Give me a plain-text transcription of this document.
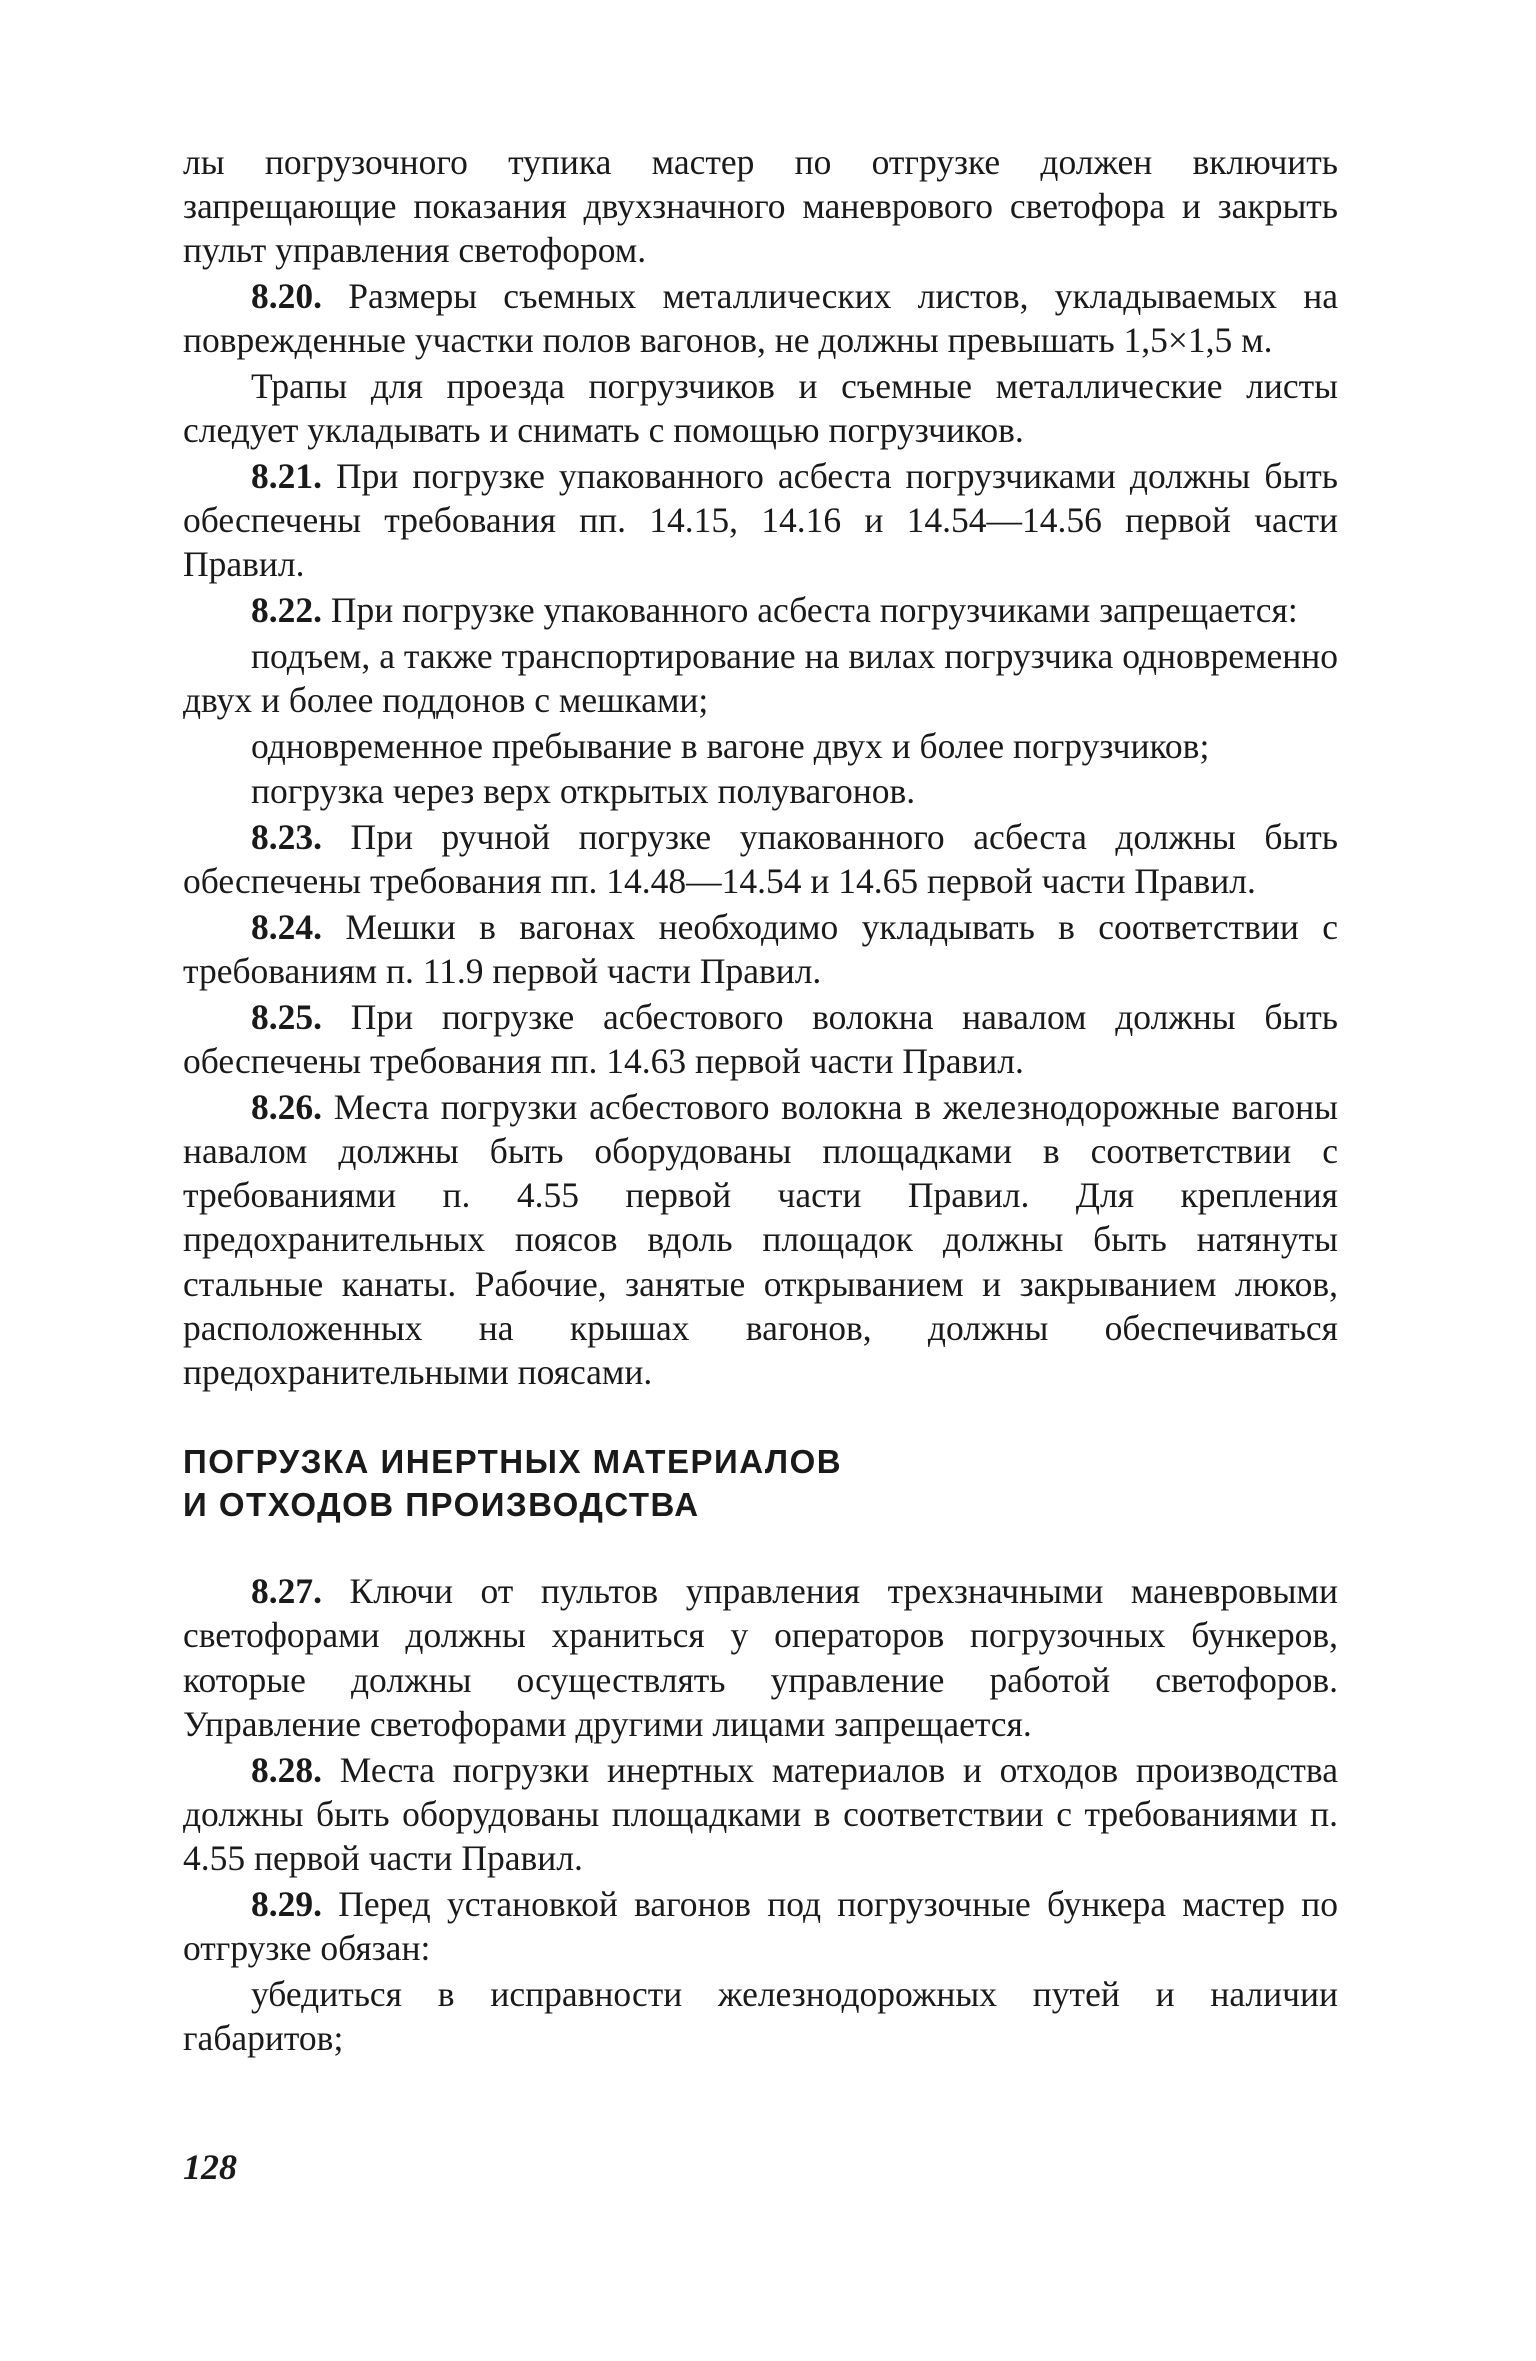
лы погрузочного тупика мастер по отгрузке должен включить запрещающие показания двухзначного маневрового светофора и закрыть пульт управления светофором.

8.20. Размеры съемных металлических листов, укладываемых на поврежденные участки полов вагонов, не должны превышать 1,5×1,5 м.

Трапы для проезда погрузчиков и съемные металлические листы следует укладывать и снимать с помощью погрузчиков.

8.21. При погрузке упакованного асбеста погрузчиками должны быть обеспечены требования пп. 14.15, 14.16 и 14.54—14.56 первой части Правил.

8.22. При погрузке упакованного асбеста погрузчиками запрещается:

подъем, а также транспортирование на вилах погрузчика одновременно двух и более поддонов с мешками;

одновременное пребывание в вагоне двух и более погрузчиков;

погрузка через верх открытых полувагонов.

8.23. При ручной погрузке упакованного асбеста должны быть обеспечены требования пп. 14.48—14.54 и 14.65 первой части Правил.

8.24. Мешки в вагонах необходимо укладывать в соответствии с требованиям п. 11.9 первой части Правил.

8.25. При погрузке асбестового волокна навалом должны быть обеспечены требования пп. 14.63 первой части Правил.

8.26. Места погрузки асбестового волокна в железнодорожные вагоны навалом должны быть оборудованы площадками в соответствии с требованиями п. 4.55 первой части Правил. Для крепления предохранительных поясов вдоль площадок должны быть натянуты стальные канаты. Рабочие, занятые открыванием и закрыванием люков, расположенных на крышах вагонов, должны обеспечиваться предохранительными поясами.

ПОГРУЗКА ИНЕРТНЫХ МАТЕРИАЛОВ
И ОТХОДОВ ПРОИЗВОДСТВА

8.27. Ключи от пультов управления трехзначными маневровыми светофорами должны храниться у операторов погрузочных бункеров, которые должны осуществлять управление работой светофоров. Управление светофорами другими лицами запрещается.

8.28. Места погрузки инертных материалов и отходов производства должны быть оборудованы площадками в соответствии с требованиями п. 4.55 первой части Правил.

8.29. Перед установкой вагонов под погрузочные бункера мастер по отгрузке обязан:

убедиться в исправности железнодорожных путей и наличии габаритов;

128
